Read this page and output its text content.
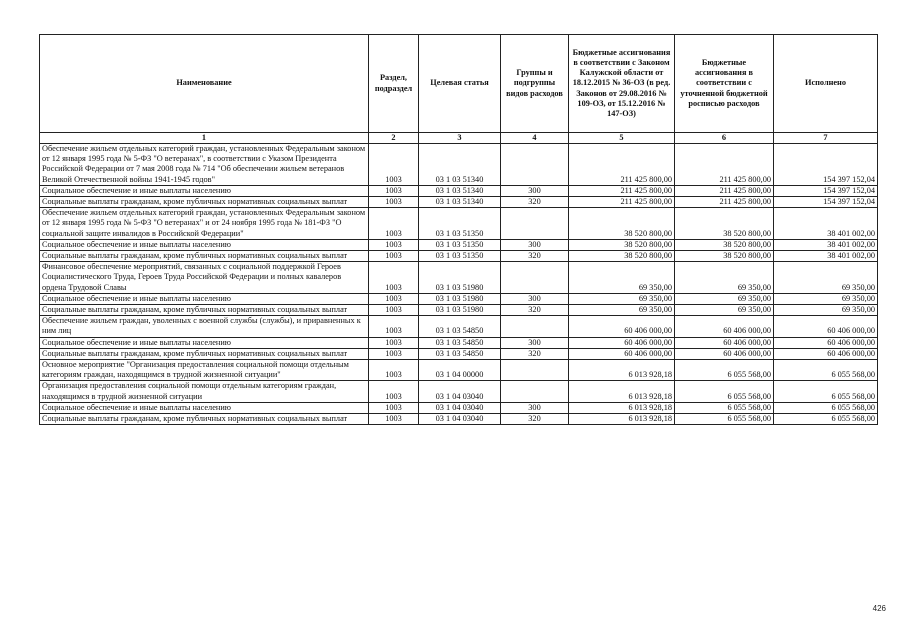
Наименование	Раздел, подраздел	Целевая статья	Группы и подгруппы видов расходов	Бюджетные ассигнования в соответствии с Законом Калужской области от 18.12.2015 № 36-ОЗ (в ред. Законов от 29.08.2016 № 109-ОЗ, от 15.12.2016 № 147-ОЗ)	Бюджетные ассигнования в соответствии с уточненной бюджетной росписью расходов	Исполнено
1	2	3	4	5	6	7
Обеспечение жильем отдельных категорий граждан, установленных Федеральным законом от 12 января 1995 года № 5-ФЗ "О ветеранах", в соответствии с Указом Президента Российской Федерации от 7 мая 2008 года № 714 "Об обеспечении жильем ветеранов Великой Отечественной войны 1941-1945 годов"	1003	03 1 03 51340		211 425 800,00	211 425 800,00	154 397 152,04
Социальное обеспечение и иные выплаты населению	1003	03 1 03 51340	300	211 425 800,00	211 425 800,00	154 397 152,04
Социальные выплаты гражданам, кроме публичных нормативных социальных выплат	1003	03 1 03 51340	320	211 425 800,00	211 425 800,00	154 397 152,04
Обеспечение жильем отдельных категорий граждан, установленных Федеральным законом от 12 января 1995 года № 5-ФЗ "О ветеранах" и от 24 ноября 1995 года № 181-ФЗ "О социальной защите инвалидов в Российской Федерации"	1003	03 1 03 51350		38 520 800,00	38 520 800,00	38 401 002,00
Социальное обеспечение и иные выплаты населению	1003	03 1 03 51350	300	38 520 800,00	38 520 800,00	38 401 002,00
Социальные выплаты гражданам, кроме публичных нормативных социальных выплат	1003	03 1 03 51350	320	38 520 800,00	38 520 800,00	38 401 002,00
Финансовое обеспечение мероприятий, связанных с социальной поддержкой Героев Социалистического Труда, Героев Труда Российской Федерации и полных кавалеров ордена Трудовой Славы	1003	03 1 03 51980		69 350,00	69 350,00	69 350,00
Социальное обеспечение и иные выплаты населению	1003	03 1 03 51980	300	69 350,00	69 350,00	69 350,00
Социальные выплаты гражданам, кроме публичных нормативных социальных выплат	1003	03 1 03 51980	320	69 350,00	69 350,00	69 350,00
Обеспечение жильем граждан, уволенных с военной службы (службы), и приравненных к ним лиц	1003	03 1 03 54850		60 406 000,00	60 406 000,00	60 406 000,00
Социальное обеспечение и иные выплаты населению	1003	03 1 03 54850	300	60 406 000,00	60 406 000,00	60 406 000,00
Социальные выплаты гражданам, кроме публичных нормативных социальных выплат	1003	03 1 03 54850	320	60 406 000,00	60 406 000,00	60 406 000,00
Основное мероприятие "Организация предоставления социальной помощи отдельным категориям граждан, находящимся в трудной жизненной ситуации"	1003	03 1 04 00000		6 013 928,18	6 055 568,00	6 055 568,00
Организация предоставления социальной помощи отдельным категориям граждан, находящимся в трудной жизненной ситуации	1003	03 1 04 03040		6 013 928,18	6 055 568,00	6 055 568,00
Социальное обеспечение и иные выплаты населению	1003	03 1 04 03040	300	6 013 928,18	6 055 568,00	6 055 568,00
Социальные выплаты гражданам, кроме публичных нормативных социальных выплат	1003	03 1 04 03040	320	6 013 928,18	6 055 568,00	6 055 568,00
426
